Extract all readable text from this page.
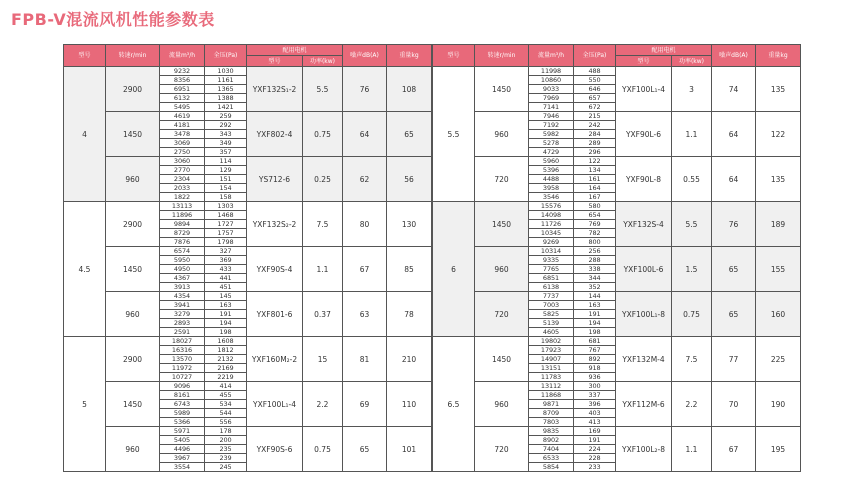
FPB-V混流风机性能参数表
型号	转速r/min	流量m³/h	全压(Pa)	配用电机		噪声dB(A)	重量kg
				型号	功率(kw)		
4	2900	9232	1030	YXF132S₁-2	5.5	76	108
		8356	1161				
		6951	1365				
		6132	1388				
		5495	1421				
	1450	4619	259	YXF802-4	0.75	64	65
		4181	292				
		3478	343				
		3069	349				
		2750	357				
	960	3060	114	YS712-6	0.25	62	56
		2770	129				
		2304	151				
		2033	154				
		1822	158				
4.5	2900	13113	1303	YXF132S₂-2	7.5	80	130
		11896	1468				
		9894	1727				
		8729	1757				
		7876	1798				
	1450	6574	327	YXF90S-4	1.1	67	85
		5950	369				
		4950	433				
		4367	441				
		3913	451				
	960	4354	145	YXF801-6	0.37	63	78
		3941	163				
		3279	191				
		2893	194				
		2591	198				
5	2900	18027	1608	YXF160M₂-2	15	81	210
		16316	1812				
		13570	2132				
		11972	2169				
		10727	2219				
	1450	9096	414	YXF100L₁-4	2.2	69	110
		8161	455				
		6743	534				
		5989	544				
		5366	556				
	960	5971	178	YXF90S-6	0.75	65	101
		5405	200				
		4496	235				
		3967	239				
		3554	245				
型号	转速r/min	流量m³/h	全压(Pa)	配用电机		噪声dB(A)	重量kg
				型号	功率(kw)		
5.5	1450	11998	488	YXF100L₁-4	3	74	135
		10860	550				
		9033	646				
		7969	657				
		7141	672				
	960	7946	215	YXF90L-6	1.1	64	122
		7192	242				
		5982	284				
		5278	289				
		4729	296				
	720	5960	122	YXF90L-8	0.55	64	135
		5396	134				
		4488	161				
		3958	164				
		3546	167				
6	1450	15576	580	YXF132S-4	5.5	76	189
		14098	654				
		11726	769				
		10345	782				
		9269	800				
	960	10314	256	YXF100L-6	1.5	65	155
		9335	288				
		7765	338				
		6851	344				
		6138	352				
	720	7737	144	YXF100L₁-8	0.75	65	160
		7003	163				
		5825	191				
		5139	194				
		4605	198				
6.5	1450	19802	681	YXF132M-4	7.5	77	225
		17923	767				
		14907	892				
		13151	918				
		11783	936				
	960	13112	300	YXF112M-6	2.2	70	190
		11868	337				
		9871	396				
		8709	403				
		7803	413				
	720	9835	169	YXF100L₂-8	1.1	67	195
		8902	191				
		7404	224				
		6533	228				
		5854	233				
